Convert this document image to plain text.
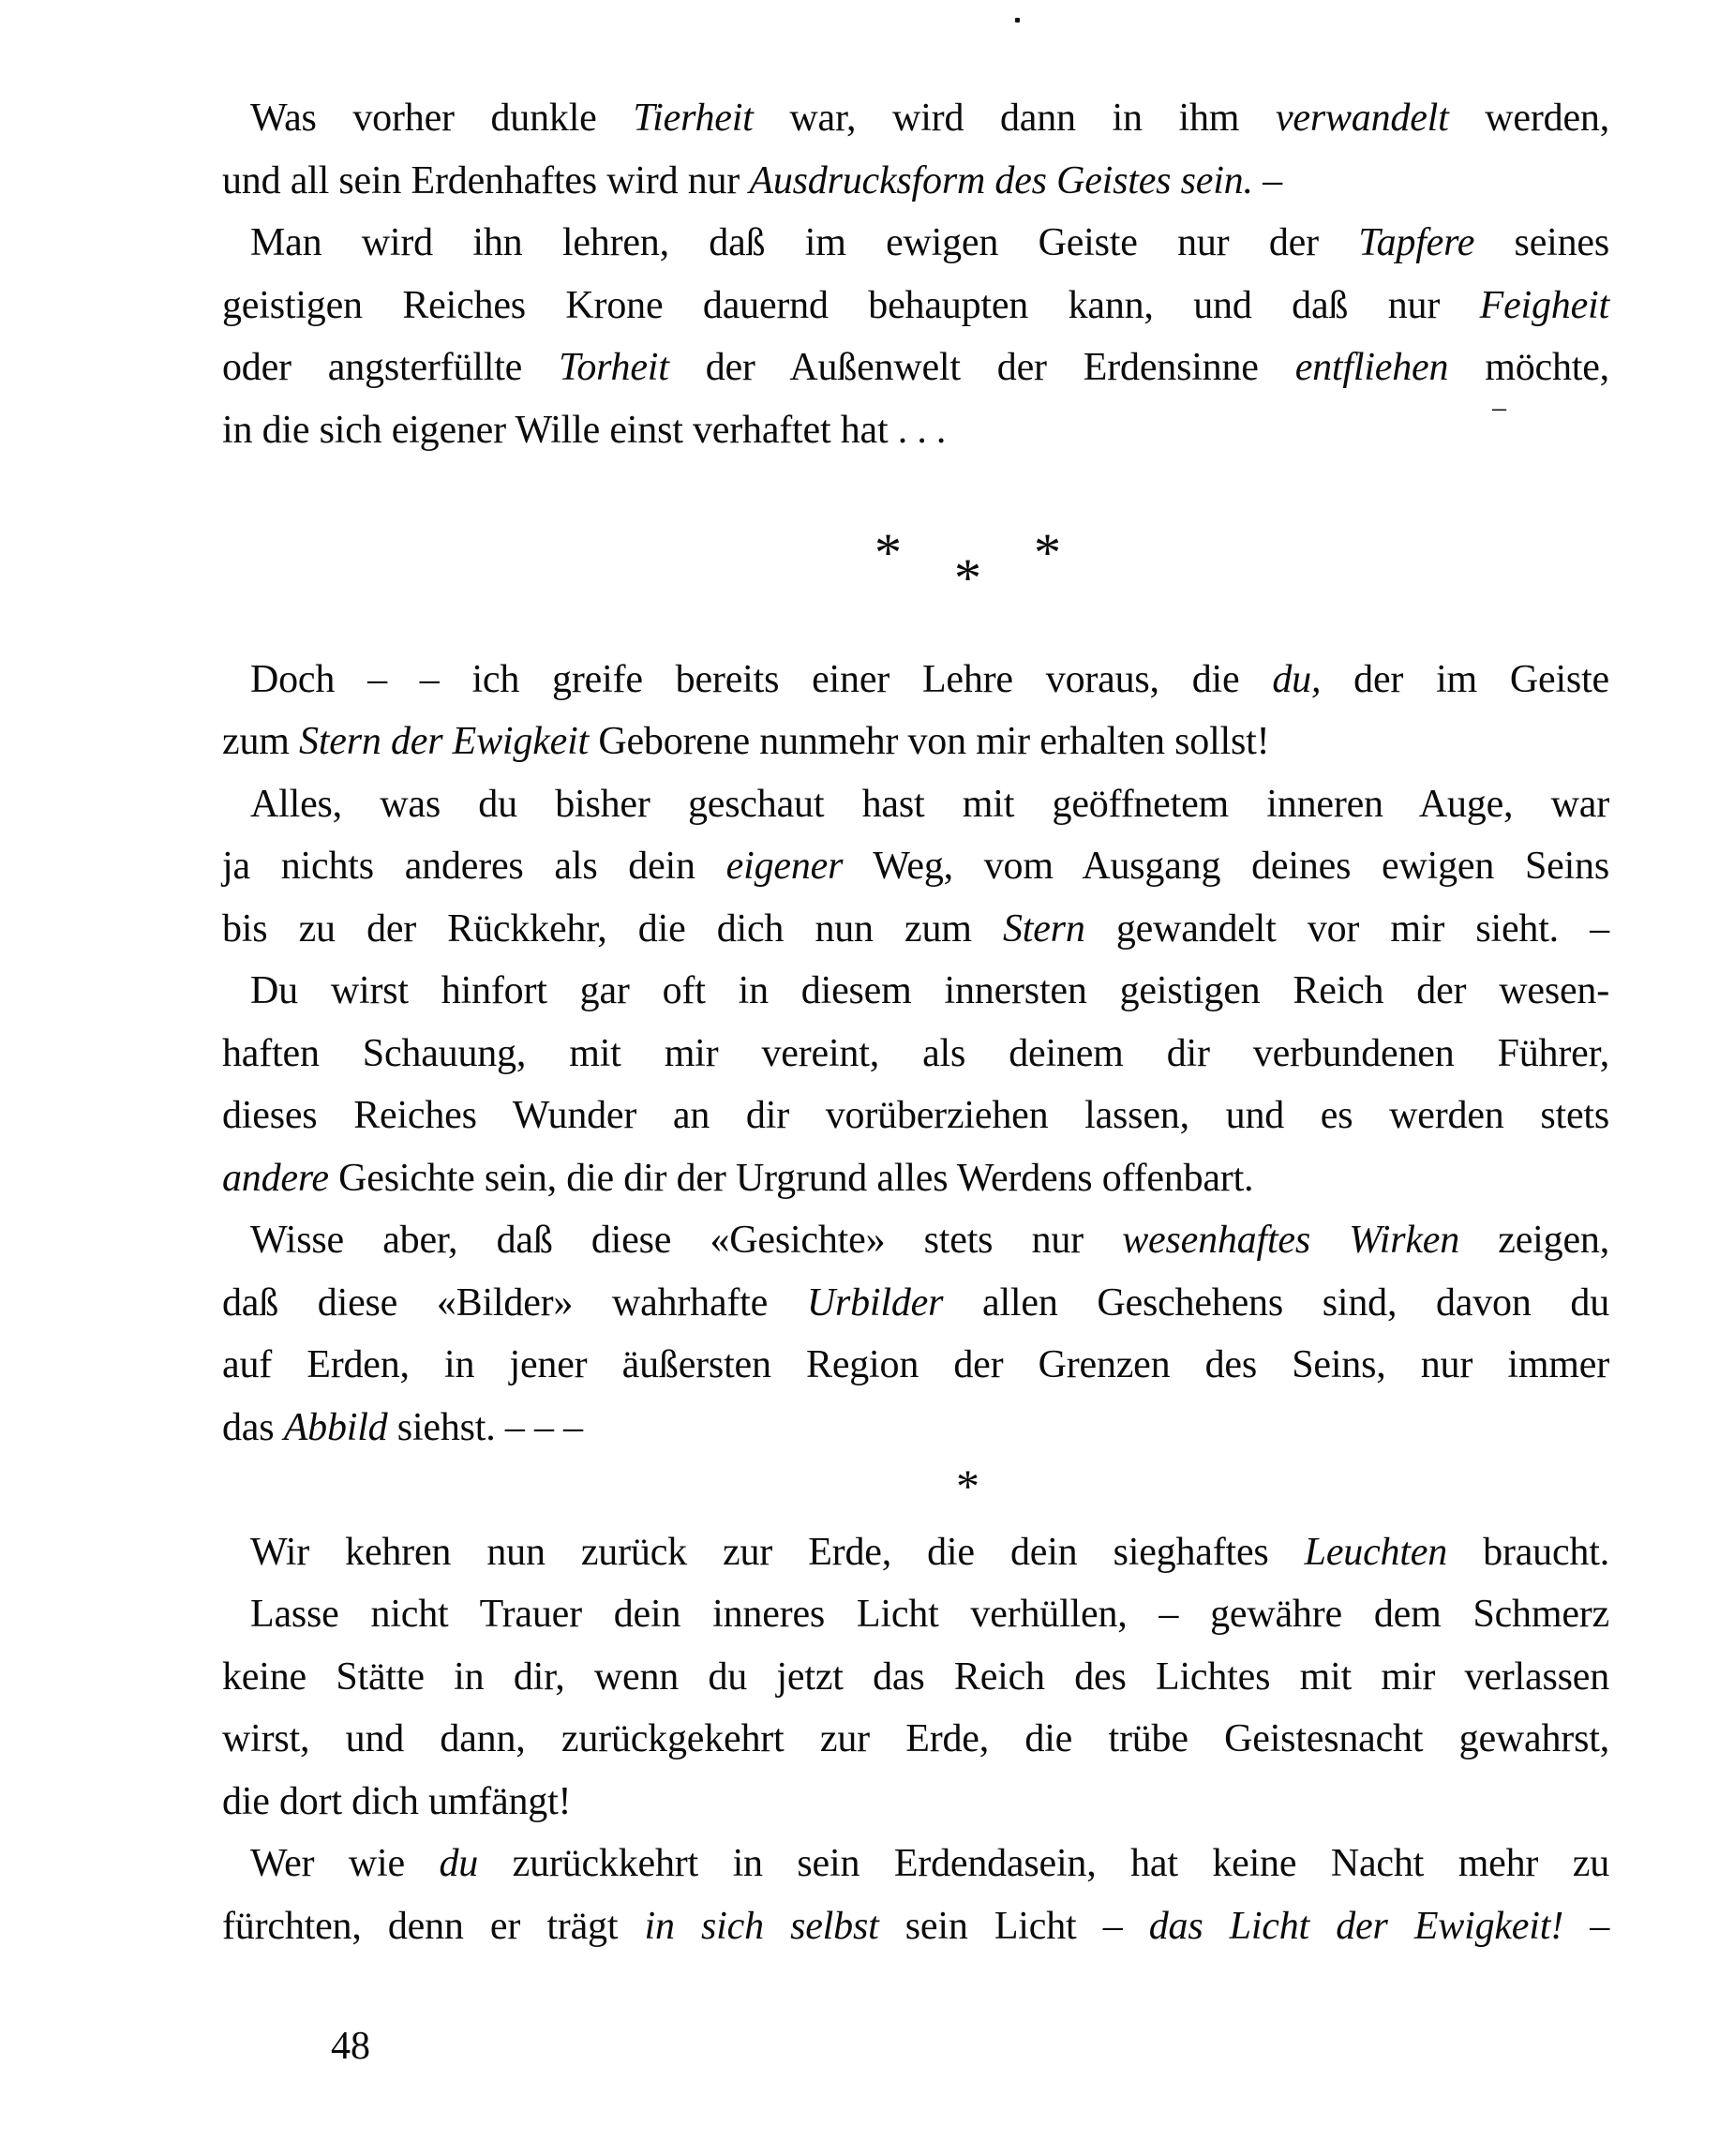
–
Was vorher dunkle Tierheit war, wird dann in ihm verwandelt werden,
und all sein Erdenhaftes wird nur Ausdrucksform des Geistes sein. –
Man wird ihn lehren, daß im ewigen Geiste nur der Tapfere seines
geistigen Reiches Krone dauernd behaupten kann, und daß nur Feigheit
oder angsterfüllte Torheit der Außenwelt der Erdensinne entfliehen möchte,
in die sich eigener Wille einst verhaftet hat . . .
* * *
Doch – – ich greife bereits einer Lehre voraus, die du, der im Geiste
zum Stern der Ewigkeit Geborene nunmehr von mir erhalten sollst!
Alles, was du bisher geschaut hast mit geöffnetem inneren Auge, war
ja nichts anderes als dein eigener Weg, vom Ausgang deines ewigen Seins
bis zu der Rückkehr, die dich nun zum Stern gewandelt vor mir sieht. –
Du wirst hinfort gar oft in diesem innersten geistigen Reich der wesen-
haften Schauung, mit mir vereint, als deinem dir verbundenen Führer,
dieses Reiches Wunder an dir vorüberziehen lassen, und es werden stets
andere Gesichte sein, die dir der Urgrund alles Werdens offenbart.
Wisse aber, daß diese «Gesichte» stets nur wesenhaftes Wirken zeigen,
daß diese «Bilder» wahrhafte Urbilder allen Geschehens sind, davon du
auf Erden, in jener äußersten Region der Grenzen des Seins, nur immer
das Abbild siehst. – – –
*
Wir kehren nun zurück zur Erde, die dein sieghaftes Leuchten braucht.
Lasse nicht Trauer dein inneres Licht verhüllen, – gewähre dem Schmerz
keine Stätte in dir, wenn du jetzt das Reich des Lichtes mit mir verlassen
wirst, und dann, zurückgekehrt zur Erde, die trübe Geistesnacht gewahrst,
die dort dich umfängt!
Wer wie du zurückkehrt in sein Erdendasein, hat keine Nacht mehr zu
fürchten, denn er trägt in sich selbst sein Licht – das Licht der Ewigkeit! –
48
